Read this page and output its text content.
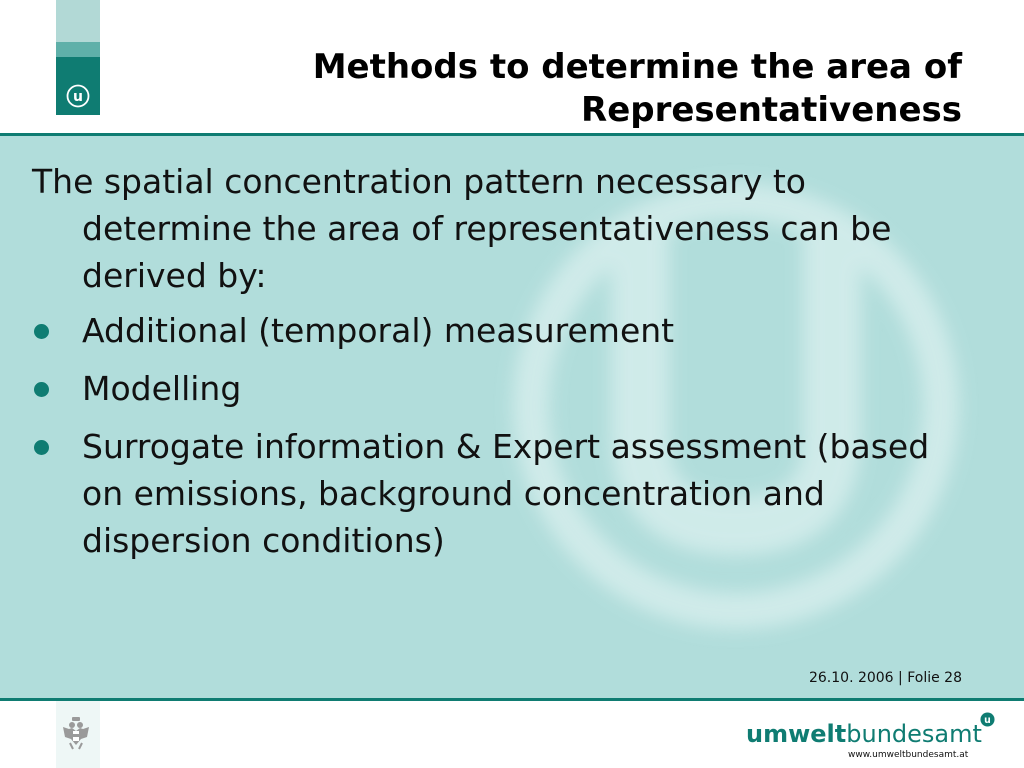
u
Methods to determine the area of
Representativeness

The spatial concentration pattern necessary to determine the area of representativeness can be derived by:

Additional (temporal) measurement
Modelling
Surrogate information & Expert assessment (based on emissions, background concentration and dispersion conditions)
26.10. 2006 | Folie 28
umweltbundesamt u
www.umweltbundesamt.at
